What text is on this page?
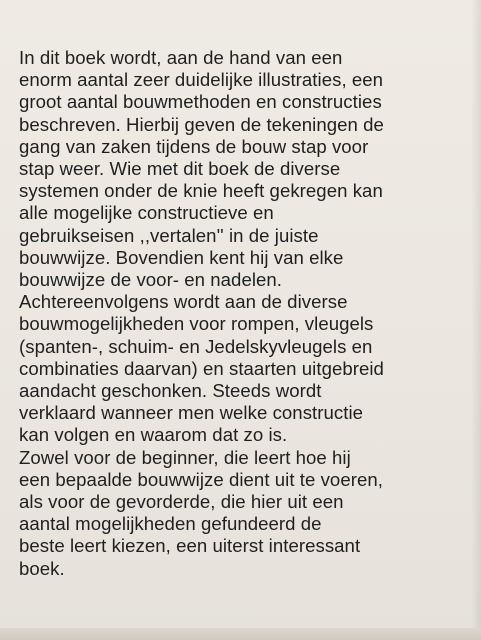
In dit boek wordt, aan de hand van een
enorm aantal zeer duidelijke illustraties, een
groot aantal bouwmethoden en constructies
beschreven. Hierbij geven de tekeningen de
gang van zaken tijdens de bouw stap voor
stap weer. Wie met dit boek de diverse
systemen onder de knie heeft gekregen kan
alle mogelijke constructieve en
gebruikseisen ,,vertalen'' in de juiste
bouwwijze. Bovendien kent hij van elke
bouwwijze de voor- en nadelen.
Achtereenvolgens wordt aan de diverse
bouwmogelijkheden voor rompen, vleugels
(spanten-, schuim- en Jedelskyvleugels en
combinaties daarvan) en staarten uitgebreid
aandacht geschonken. Steeds wordt
verklaard wanneer men welke constructie
kan volgen en waarom dat zo is.
Zowel voor de beginner, die leert hoe hij
een bepaalde bouwwijze dient uit te voeren,
als voor de gevorderde, die hier uit een
aantal mogelijkheden gefundeerd de
beste leert kiezen, een uiterst interessant
boek.
